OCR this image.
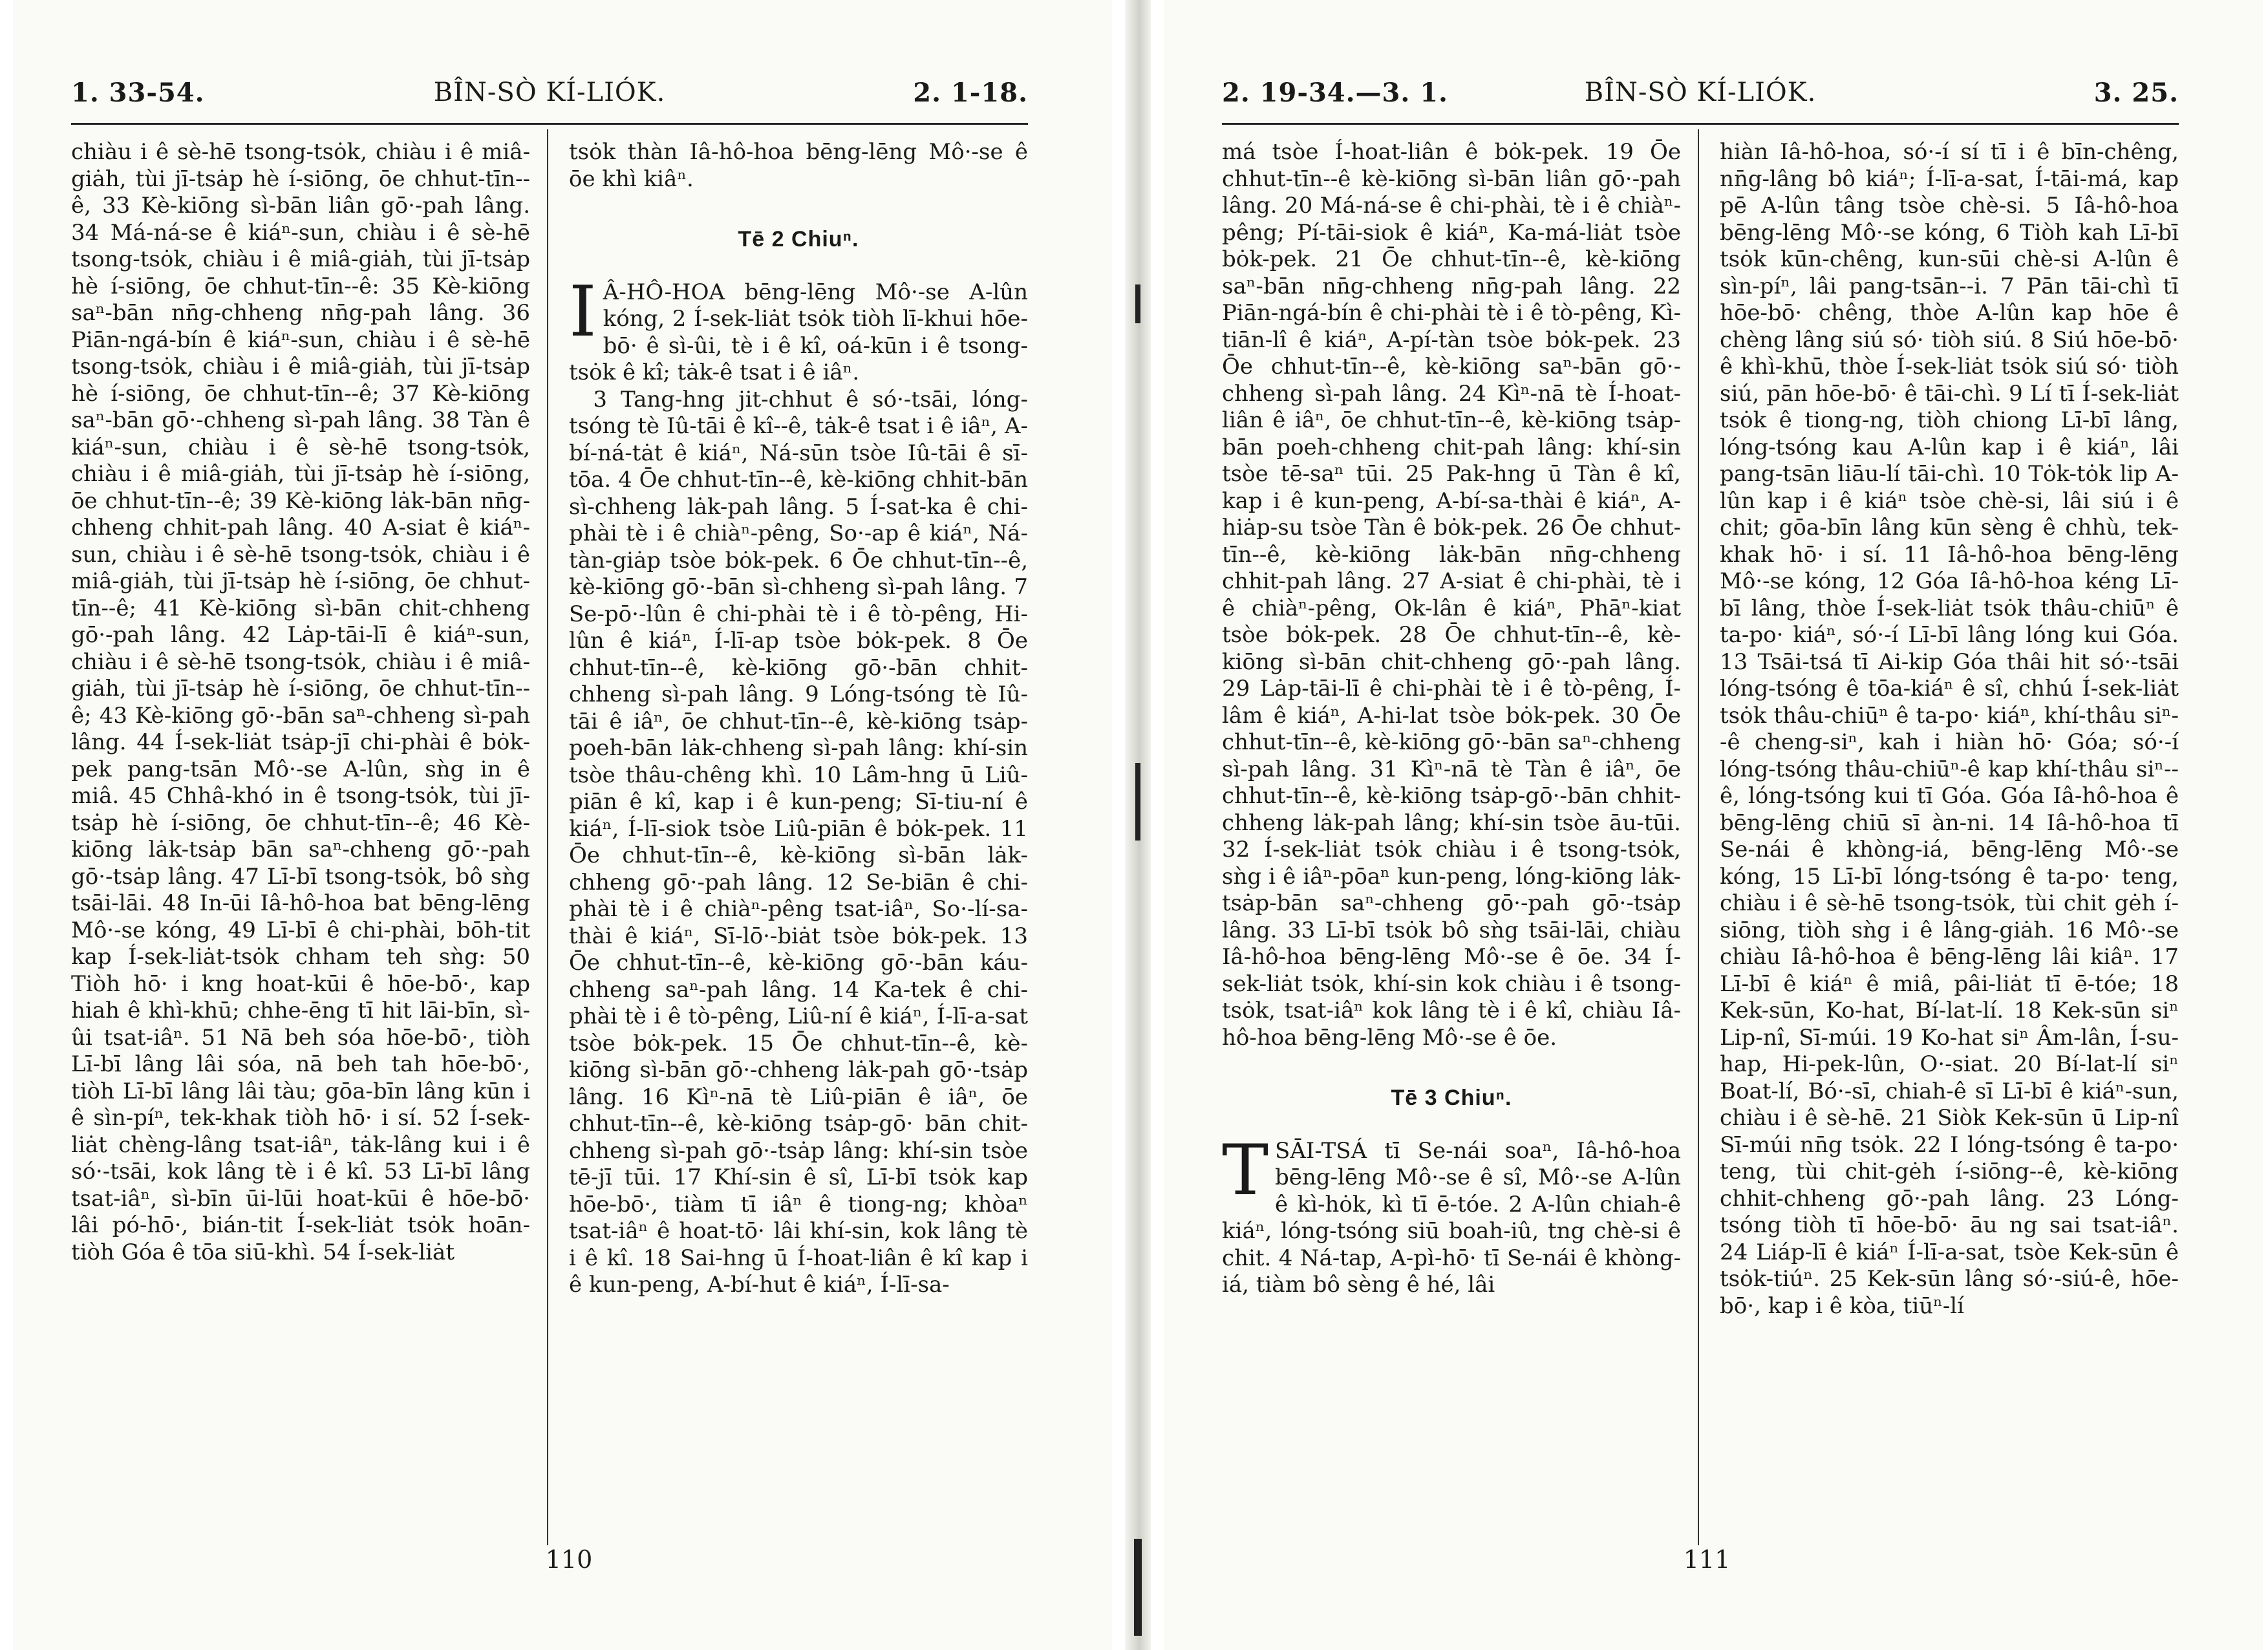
1. 33-54.	BÎN-SÒ KÍ-LIÓK.	2. 1-18.

chiàu i ê sè-hē tsong-tsȯk, chiàu i ê miâ-giȧh, tùi jī-tsȧp hè í-siōng, ōe chhut-tīn--ê, 33 Kè-kiōng sì-bān liân gō·-pah lâng. 34 Má-ná-se ê kiáⁿ-sun, chiàu i ê sè-hē tsong-tsȯk, chiàu i ê miâ-giȧh, tùi jī-tsȧp hè í-siōng, ōe chhut-tīn--ê: 35 Kè-kiōng saⁿ-bān nn̄g-chheng nn̄g-pah lâng. 36 Piān-ngá-bín ê kiáⁿ-sun, chiàu i ê sè-hē tsong-tsȯk, chiàu i ê miâ-giȧh, tùi jī-tsȧp hè í-siōng, ōe chhut-tīn--ê; 37 Kè-kiōng saⁿ-bān gō·-chheng sì-pah lâng. 38 Tàn ê kiáⁿ-sun, chiàu i ê sè-hē tsong-tsȯk, chiàu i ê miâ-giȧh, tùi jī-tsȧp hè í-siōng, ōe chhut-tīn--ê; 39 Kè-kiōng lȧk-bān nn̄g-chheng chhit-pah lâng. 40 A-siat ê kiáⁿ-sun, chiàu i ê sè-hē tsong-tsȯk, chiàu i ê miâ-giȧh, tùi jī-tsȧp hè í-siōng, ōe chhut-tīn--ê; 41 Kè-kiōng sì-bān chit-chheng gō·-pah lâng. 42 Lȧp-tāi-lī ê kiáⁿ-sun, chiàu i ê sè-hē tsong-tsȯk, chiàu i ê miâ-giȧh, tùi jī-tsȧp hè í-siōng, ōe chhut-tīn--ê; 43 Kè-kiōng gō·-bān saⁿ-chheng sì-pah lâng. 44 Í-sek-liȧt tsȧp-jī chi-phài ê bȯk-pek pang-tsān Mô·-se A-lûn, sǹg in ê miâ. 45 Chhâ-khó in ê tsong-tsȯk, tùi jī-tsȧp hè í-siōng, ōe chhut-tīn--ê; 46 Kè-kiōng lȧk-tsȧp bān saⁿ-chheng gō·-pah gō·-tsȧp lâng. 47 Lī-bī tsong-tsȯk, bô sǹg tsāi-lāi. 48 In-ūi Iâ-hô-hoa bat bēng-lēng Mô·-se kóng, 49 Lī-bī ê chi-phài, bōh-tit kap Í-sek-liȧt-tsȯk chham teh sǹg: 50 Tiòh hō· i kng hoat-kūi ê hōe-bō·, kap hiah ê khì-khū; chhe-ēng tī hit lāi-bīn, sì-ûi tsat-iâⁿ. 51 Nā beh sóa hōe-bō·, tiòh Lī-bī lâng lâi sóa, nā beh tah hōe-bō·, tiòh Lī-bī lâng lâi tàu; gōa-bīn lâng kūn i ê sìn-píⁿ, tek-khak tiòh hō· i sí. 52 Í-sek-liȧt chèng-lâng tsat-iâⁿ, tȧk-lâng kui i ê só·-tsāi, kok lâng tè i ê kî. 53 Lī-bī lâng tsat-iâⁿ, sì-bīn ūi-lūi hoat-kūi ê hōe-bō· lâi pó-hō·, bián-tit Í-sek-liȧt tsȯk hoān-tiòh Góa ê tōa siū-khì. 54 Í-sek-liȧt

tsȯk thàn Iâ-hô-hoa bēng-lēng Mô·-se ê ōe khì kiâⁿ.

Tē 2 Chiuⁿ.

I Â-HÔ-HOA bēng-lēng Mô·-se A-lûn kóng, 2 Í-sek-liȧt tsȯk tiòh lī-khui hōe-bō· ê sì-ûi, tè i ê kî, oá-kūn i ê tsong-tsȯk ê kî; tȧk-ê tsat i ê iâⁿ.

3 Tang-hng jit-chhut ê só·-tsāi, lóng-tsóng tè Iû-tāi ê kî--ê, tȧk-ê tsat i ê iâⁿ, A-bí-ná-tȧt ê kiáⁿ, Ná-sūn tsòe Iû-tāi ê sī-tōa. 4 Ōe chhut-tīn--ê, kè-kiōng chhit-bān sì-chheng lȧk-pah lâng. 5 Í-sat-ka ê chi-phài tè i ê chiàⁿ-pêng, So·-ap ê kiáⁿ, Ná-tàn-giȧp tsòe bȯk-pek. 6 Ōe chhut-tīn--ê, kè-kiōng gō·-bān sì-chheng sì-pah lâng. 7 Se-pō·-lûn ê chi-phài tè i ê tò-pêng, Hi-lûn ê kiáⁿ, Í-lī-ap tsòe bȯk-pek. 8 Ōe chhut-tīn--ê, kè-kiōng gō·-bān chhit-chheng sì-pah lâng. 9 Lóng-tsóng tè Iû-tāi ê iâⁿ, ōe chhut-tīn--ê, kè-kiōng tsȧp-poeh-bān lȧk-chheng sì-pah lâng: khí-sin tsòe thâu-chêng khì. 10 Lâm-hng ū Liû-piān ê kî, kap i ê kun-peng; Sī-tiu-ní ê kiáⁿ, Í-lī-siok tsòe Liû-piān ê bȯk-pek. 11 Ōe chhut-tīn--ê, kè-kiōng sì-bān lȧk-chheng gō·-pah lâng. 12 Se-biān ê chi-phài tè i ê chiàⁿ-pêng tsat-iâⁿ, So·-lí-sa-thài ê kiáⁿ, Sī-lō·-biȧt tsòe bȯk-pek. 13 Ōe chhut-tīn--ê, kè-kiōng gō·-bān káu-chheng saⁿ-pah lâng. 14 Ka-tek ê chi-phài tè i ê tò-pêng, Liû-ní ê kiáⁿ, Í-lī-a-sat tsòe bȯk-pek. 15 Ōe chhut-tīn--ê, kè-kiōng sì-bān gō·-chheng lȧk-pah gō·-tsȧp lâng. 16 Kìⁿ-nā tè Liû-piān ê iâⁿ, ōe chhut-tīn--ê, kè-kiōng tsȧp-gō· bān chit-chheng sì-pah gō·-tsȧp lâng: khí-sin tsòe tē-jī tūi. 17 Khí-sin ê sî, Lī-bī tsȯk kap hōe-bō·, tiàm tī iâⁿ ê tiong-ng; khòaⁿ tsat-iâⁿ ê hoat-tō· lâi khí-sin, kok lâng tè i ê kî. 18 Sai-hng ū Í-hoat-liân ê kî kap i ê kun-peng, A-bí-hut ê kiáⁿ, Í-lī-sa-

110
2. 19-34.—3. 1.	BÎN-SÒ KÍ-LIÓK.	3. 25.

má tsòe Í-hoat-liân ê bȯk-pek. 19 Ōe chhut-tīn--ê kè-kiōng sì-bān liân gō·-pah lâng. 20 Má-ná-se ê chi-phài, tè i ê chiàⁿ-pêng; Pí-tāi-siok ê kiáⁿ, Ka-má-liȧt tsòe bȯk-pek. 21 Ōe chhut-tīn--ê, kè-kiōng saⁿ-bān nn̄g-chheng nn̄g-pah lâng. 22 Piān-ngá-bín ê chi-phài tè i ê tò-pêng, Kì-tiān-lî ê kiáⁿ, A-pí-tàn tsòe bȯk-pek. 23 Ōe chhut-tīn--ê, kè-kiōng saⁿ-bān gō·-chheng sì-pah lâng. 24 Kìⁿ-nā tè Í-hoat-liân ê iâⁿ, ōe chhut-tīn--ê, kè-kiōng tsȧp-bān poeh-chheng chit-pah lâng: khí-sin tsòe tē-saⁿ tūi. 25 Pak-hng ū Tàn ê kî, kap i ê kun-peng, A-bí-sa-thài ê kiáⁿ, A-hiȧp-su tsòe Tàn ê bȯk-pek. 26 Ōe chhut-tīn--ê, kè-kiōng lȧk-bān nn̄g-chheng chhit-pah lâng. 27 A-siat ê chi-phài, tè i ê chiàⁿ-pêng, Ok-lân ê kiáⁿ, Phāⁿ-kiat tsòe bȯk-pek. 28 Ōe chhut-tīn--ê, kè-kiōng sì-bān chit-chheng gō·-pah lâng. 29 Lȧp-tāi-lī ê chi-phài tè i ê tò-pêng, Í-lâm ê kiáⁿ, A-hi-lat tsòe bȯk-pek. 30 Ōe chhut-tīn--ê, kè-kiōng gō·-bān saⁿ-chheng sì-pah lâng. 31 Kìⁿ-nā tè Tàn ê iâⁿ, ōe chhut-tīn--ê, kè-kiōng tsȧp-gō·-bān chhit-chheng lȧk-pah lâng; khí-sin tsòe āu-tūi. 32 Í-sek-liȧt tsȯk chiàu i ê tsong-tsȯk, sǹg i ê iâⁿ-pōaⁿ kun-peng, lóng-kiōng lȧk-tsȧp-bān saⁿ-chheng gō·-pah gō·-tsȧp lâng. 33 Lī-bī tsȯk bô sǹg tsāi-lāi, chiàu Iâ-hô-hoa bēng-lēng Mô·-se ê ōe. 34 Í-sek-liȧt tsȯk, khí-sin kok chiàu i ê tsong-tsȯk, tsat-iâⁿ kok lâng tè i ê kî, chiàu Iâ-hô-hoa bēng-lēng Mô·-se ê ōe.

Tē 3 Chiuⁿ.

TSĀI-TSÁ tī Se-nái soaⁿ, Iâ-hô-hoa bēng-lēng Mô·-se ê sî, Mô·-se A-lûn ê kì-hȯk, kì tī ē-tóe. 2 A-lûn chiah-ê kiáⁿ, lóng-tsóng siū boah-iû, tng chè-si ê chit. 4 Ná-tap, A-pì-hō· tī Se-nái ê khòng-iá, tiàm bô sèng ê hé, lâi

hiàn Iâ-hô-hoa, só·-í sí tī i ê bīn-chêng, nn̄g-lâng bô kiáⁿ; Í-lī-a-sat, Í-tāi-má, kap pē A-lûn tâng tsòe chè-si. 5 Iâ-hô-hoa bēng-lēng Mô·-se kóng, 6 Tiòh kah Lī-bī tsȯk kūn-chêng, kun-sūi chè-si A-lûn ê sìn-píⁿ, lâi pang-tsān--i. 7 Pān tāi-chì tī hōe-bō· chêng, thòe A-lûn kap hōe ê chèng lâng siú só· tiòh siú. 8 Siú hōe-bō· ê khì-khū, thòe Í-sek-liȧt tsȯk siú só· tiòh siú, pān hōe-bō· ê tāi-chì. 9 Lí tī Í-sek-liȧt tsȯk ê tiong-ng, tiòh chiong Lī-bī lâng, lóng-tsóng kau A-lûn kap i ê kiáⁿ, lâi pang-tsān liāu-lí tāi-chì. 10 Tȯk-tȯk lip A-lûn kap i ê kiáⁿ tsòe chè-si, lâi siú i ê chit; gōa-bīn lâng kūn sèng ê chhù, tek-khak hō· i sí. 11 Iâ-hô-hoa bēng-lēng Mô·-se kóng, 12 Góa Iâ-hô-hoa kéng Lī-bī lâng, thòe Í-sek-liȧt tsȯk thâu-chiūⁿ ê ta-po· kiáⁿ, só·-í Lī-bī lâng lóng kui Góa. 13 Tsāi-tsá tī Ai-kip Góa thâi hit só·-tsāi lóng-tsóng ê tōa-kiáⁿ ê sî, chhú Í-sek-liȧt tsȯk thâu-chiūⁿ ê ta-po· kiáⁿ, khí-thâu siⁿ--ê cheng-siⁿ, kah i hiàn hō· Góa; só·-í lóng-tsóng thâu-chiūⁿ-ê kap khí-thâu siⁿ--ê, lóng-tsóng kui tī Góa. Góa Iâ-hô-hoa ê bēng-lēng chiū sī àn-ni. 14 Iâ-hô-hoa tī Se-nái ê khòng-iá, bēng-lēng Mô·-se kóng, 15 Lī-bī lóng-tsóng ê ta-po· teng, chiàu i ê sè-hē tsong-tsȯk, tùi chit gėh í-siōng, tiòh sǹg i ê lâng-giȧh. 16 Mô·-se chiàu Iâ-hô-hoa ê bēng-lēng lâi kiâⁿ. 17 Lī-bī ê kiáⁿ ê miâ, pâi-liȧt tī ē-tóe; 18 Kek-sūn, Ko-hat, Bí-lat-lí. 18 Kek-sūn siⁿ Lip-nî, Sī-múi. 19 Ko-hat siⁿ Âm-lân, Í-su-hap, Hi-pek-lûn, O·-siat. 20 Bí-lat-lí siⁿ Boat-lí, Bó·-sī, chiah-ê sī Lī-bī ê kiáⁿ-sun, chiàu i ê sè-hē. 21 Siòk Kek-sūn ū Lip-nî Sī-múi nn̄g tsȯk. 22 I lóng-tsóng ê ta-po· teng, tùi chit-gėh í-siōng--ê, kè-kiōng chhit-chheng gō·-pah lâng. 23 Lóng-tsóng tiòh tī hōe-bō· āu ng sai tsat-iâⁿ. 24 Liáp-lī ê kiáⁿ Í-lī-a-sat, tsòe Kek-sūn ê tsȯk-tiúⁿ. 25 Kek-sūn lâng só·-siú-ê, hōe-bō·, kap i ê kòa, tiūⁿ-lí

111
